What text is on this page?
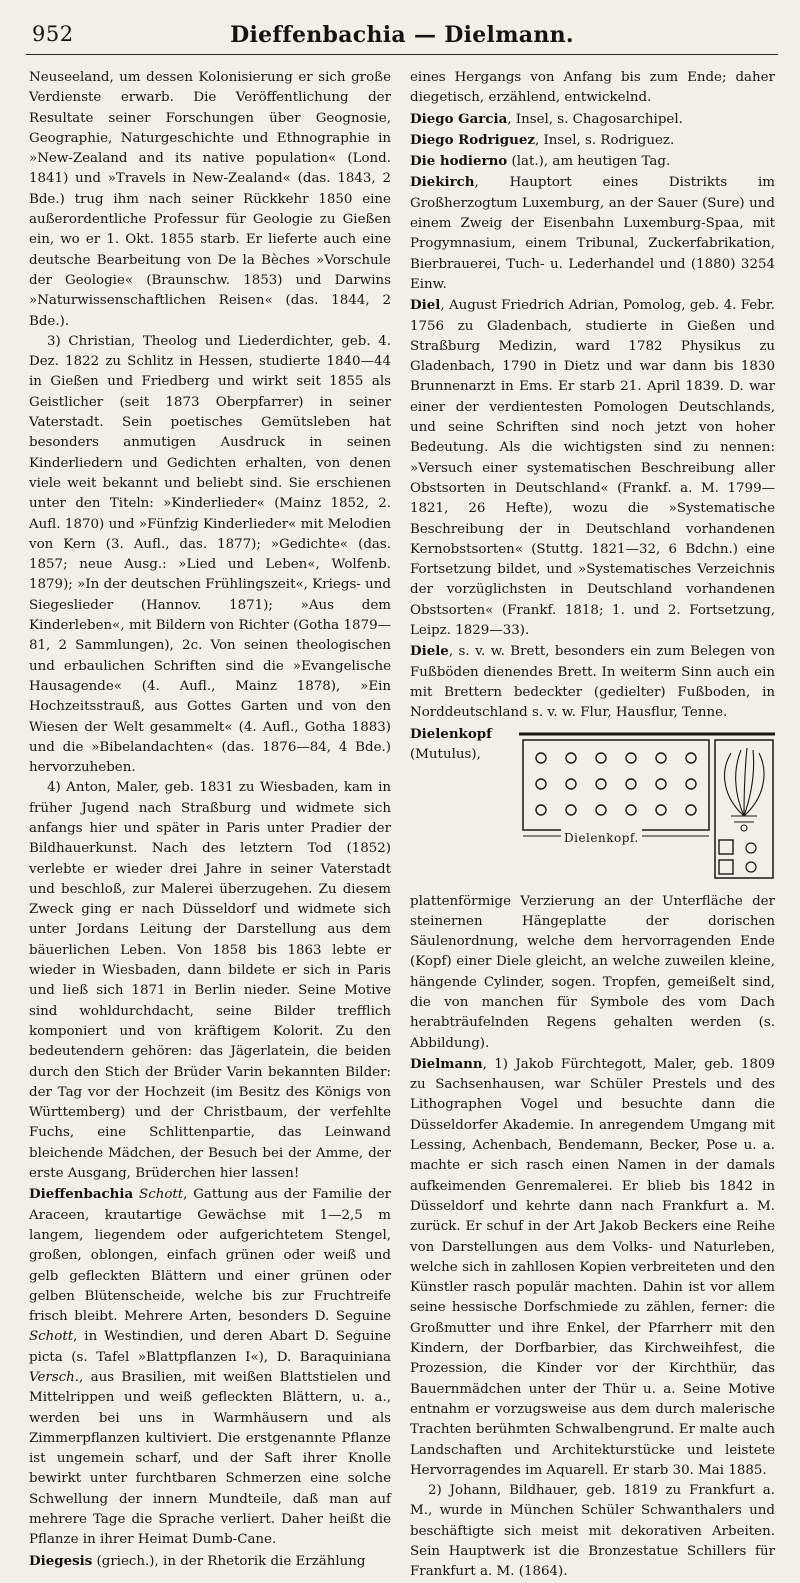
952	Dieffenbachia — Dielmann.

Neuseeland, um dessen Kolonisierung er sich große Verdienste erwarb. Die Veröffentlichung der Resultate seiner Forschungen über Geognosie, Geographie, Naturgeschichte und Ethnographie in »New-Zealand and its native population« (Lond. 1841) und »Travels in New-Zealand« (das. 1843, 2 Bde.) trug ihm nach seiner Rückkehr 1850 eine außerordentliche Professur für Geologie zu Gießen ein, wo er 1. Okt. 1855 starb. Er lieferte auch eine deutsche Bearbeitung von De la Bèches »Vorschule der Geologie« (Braunschw. 1853) und Darwins »Naturwissenschaftlichen Reisen« (das. 1844, 2 Bde.).

3) Christian, Theolog und Liederdichter, geb. 4. Dez. 1822 zu Schlitz in Hessen, studierte 1840—44 in Gießen und Friedberg und wirkt seit 1855 als Geistlicher (seit 1873 Oberpfarrer) in seiner Vaterstadt. Sein poetisches Gemütsleben hat besonders anmutigen Ausdruck in seinen Kinderliedern und Gedichten erhalten, von denen viele weit bekannt und beliebt sind. Sie erschienen unter den Titeln: »Kinderlieder« (Mainz 1852, 2. Aufl. 1870) und »Fünfzig Kinderlieder« mit Melodien von Kern (3. Aufl., das. 1877); »Gedichte« (das. 1857; neue Ausg.: »Lied und Leben«, Wolfenb. 1879); »In der deutschen Frühlingszeit«, Kriegs- und Siegeslieder (Hannov. 1871); »Aus dem Kinderleben«, mit Bildern von Richter (Gotha 1879—81, 2 Sammlungen), 2c. Von seinen theologischen und erbaulichen Schriften sind die »Evangelische Hausagende« (4. Aufl., Mainz 1878), »Ein Hochzeitsstrauß, aus Gottes Garten und von den Wiesen der Welt gesammelt« (4. Aufl., Gotha 1883) und die »Bibelandachten« (das. 1876—84, 4 Bde.) hervorzuheben.

4) Anton, Maler, geb. 1831 zu Wiesbaden, kam in früher Jugend nach Straßburg und widmete sich anfangs hier und später in Paris unter Pradier der Bildhauerkunst. Nach des letztern Tod (1852) verlebte er wieder drei Jahre in seiner Vaterstadt und beschloß, zur Malerei überzugehen. Zu diesem Zweck ging er nach Düsseldorf und widmete sich unter Jordans Leitung der Darstellung aus dem bäuerlichen Leben. Von 1858 bis 1863 lebte er wieder in Wiesbaden, dann bildete er sich in Paris und ließ sich 1871 in Berlin nieder. Seine Motive sind wohldurchdacht, seine Bilder trefflich komponiert und von kräftigem Kolorit. Zu den bedeutendern gehören: das Jägerlatein, die beiden durch den Stich der Brüder Varin bekannten Bilder: der Tag vor der Hochzeit (im Besitz des Königs von Württemberg) und der Christbaum, der verfehlte Fuchs, eine Schlittenpartie, das Leinwand bleichende Mädchen, der Besuch bei der Amme, der erste Ausgang, Brüderchen hier lassen!

Dieffenbachia Schott, Gattung aus der Familie der Araceen, krautartige Gewächse mit 1—2,5 m langem, liegendem oder aufgerichtetem Stengel, großen, oblongen, einfach grünen oder weiß und gelb gefleckten Blättern und einer grünen oder gelben Blütenscheide, welche bis zur Fruchtreife frisch bleibt. Mehrere Arten, besonders D. Seguine Schott, in Westindien, und deren Abart D. Seguine picta (s. Tafel »Blattpflanzen I«), D. Baraquiniana Versch., aus Brasilien, mit weißen Blattstielen und Mittelrippen und weiß gefleckten Blättern, u. a., werden bei uns in Warmhäusern und als Zimmerpflanzen kultiviert. Die erstgenannte Pflanze ist ungemein scharf, und der Saft ihrer Knolle bewirkt unter furchtbaren Schmerzen eine solche Schwellung der innern Mundteile, daß man auf mehrere Tage die Sprache verliert. Daher heißt die Pflanze in ihrer Heimat Dumb-Cane.

Diegesis (griech.), in der Rhetorik die Erzählung

eines Hergangs von Anfang bis zum Ende; daher diegetisch, erzählend, entwickelnd.

Diego Garcia, Insel, s. Chagosarchipel.

Diego Rodriguez, Insel, s. Rodriguez.

Die hodierno (lat.), am heutigen Tag.

Diekirch, Hauptort eines Distrikts im Großherzogtum Luxemburg, an der Sauer (Sure) und einem Zweig der Eisenbahn Luxemburg-Spaa, mit Progymnasium, einem Tribunal, Zuckerfabrikation, Bierbrauerei, Tuch- u. Lederhandel und (1880) 3254 Einw.

Diel, August Friedrich Adrian, Pomolog, geb. 4. Febr. 1756 zu Gladenbach, studierte in Gießen und Straßburg Medizin, ward 1782 Physikus zu Gladenbach, 1790 in Dietz und war dann bis 1830 Brunnenarzt in Ems. Er starb 21. April 1839. D. war einer der verdientesten Pomologen Deutschlands, und seine Schriften sind noch jetzt von hoher Bedeutung. Als die wichtigsten sind zu nennen: »Versuch einer systematischen Beschreibung aller Obstsorten in Deutschland« (Frankf. a. M. 1799—1821, 26 Hefte), wozu die »Systematische Beschreibung der in Deutschland vorhandenen Kernobstsorten« (Stuttg. 1821—32, 6 Bdchn.) eine Fortsetzung bildet, und »Systematisches Verzeichnis der vorzüglichsten in Deutschland vorhandenen Obstsorten« (Frankf. 1818; 1. und 2. Fortsetzung, Leipz. 1829—33).

Diele, s. v. w. Brett, besonders ein zum Belegen von Fußböden dienendes Brett. In weiterm Sinn auch ein mit Brettern bedeckter (gedielter) Fußboden, in Norddeutschland s. v. w. Flur, Hausflur, Tenne.

Dielenkopf.
Dielenkopf (Mutulus), plattenförmige Verzierung an der Unterfläche der steinernen Hängeplatte der dorischen Säulenordnung, welche dem hervorragenden Ende (Kopf) einer Diele gleicht, an welche zuweilen kleine, hängende Cylinder, sogen. Tropfen, gemeißelt sind, die von manchen für Symbole des vom Dach herabträufelnden Regens gehalten werden (s. Abbildung).

Dielmann, 1) Jakob Fürchtegott, Maler, geb. 1809 zu Sachsenhausen, war Schüler Prestels und des Lithographen Vogel und besuchte dann die Düsseldorfer Akademie. In anregendem Umgang mit Lessing, Achenbach, Bendemann, Becker, Pose u. a. machte er sich rasch einen Namen in der damals aufkeimenden Genremalerei. Er blieb bis 1842 in Düsseldorf und kehrte dann nach Frankfurt a. M. zurück. Er schuf in der Art Jakob Beckers eine Reihe von Darstellungen aus dem Volks- und Naturleben, welche sich in zahllosen Kopien verbreiteten und den Künstler rasch populär machten. Dahin ist vor allem seine hessische Dorfschmiede zu zählen, ferner: die Großmutter und ihre Enkel, der Pfarrherr mit den Kindern, der Dorfbarbier, das Kirchweihfest, die Prozession, die Kinder vor der Kirchthür, das Bauernmädchen unter der Thür u. a. Seine Motive entnahm er vorzugsweise aus dem durch malerische Trachten berühmten Schwalbengrund. Er malte auch Landschaften und Architekturstücke und leistete Hervorragendes im Aquarell. Er starb 30. Mai 1885.

2) Johann, Bildhauer, geb. 1819 zu Frankfurt a. M., wurde in München Schüler Schwanthalers und beschäftigte sich meist mit dekorativen Arbeiten. Sein Hauptwerk ist die Bronzestatue Schillers für Frankfurt a. M. (1864).
